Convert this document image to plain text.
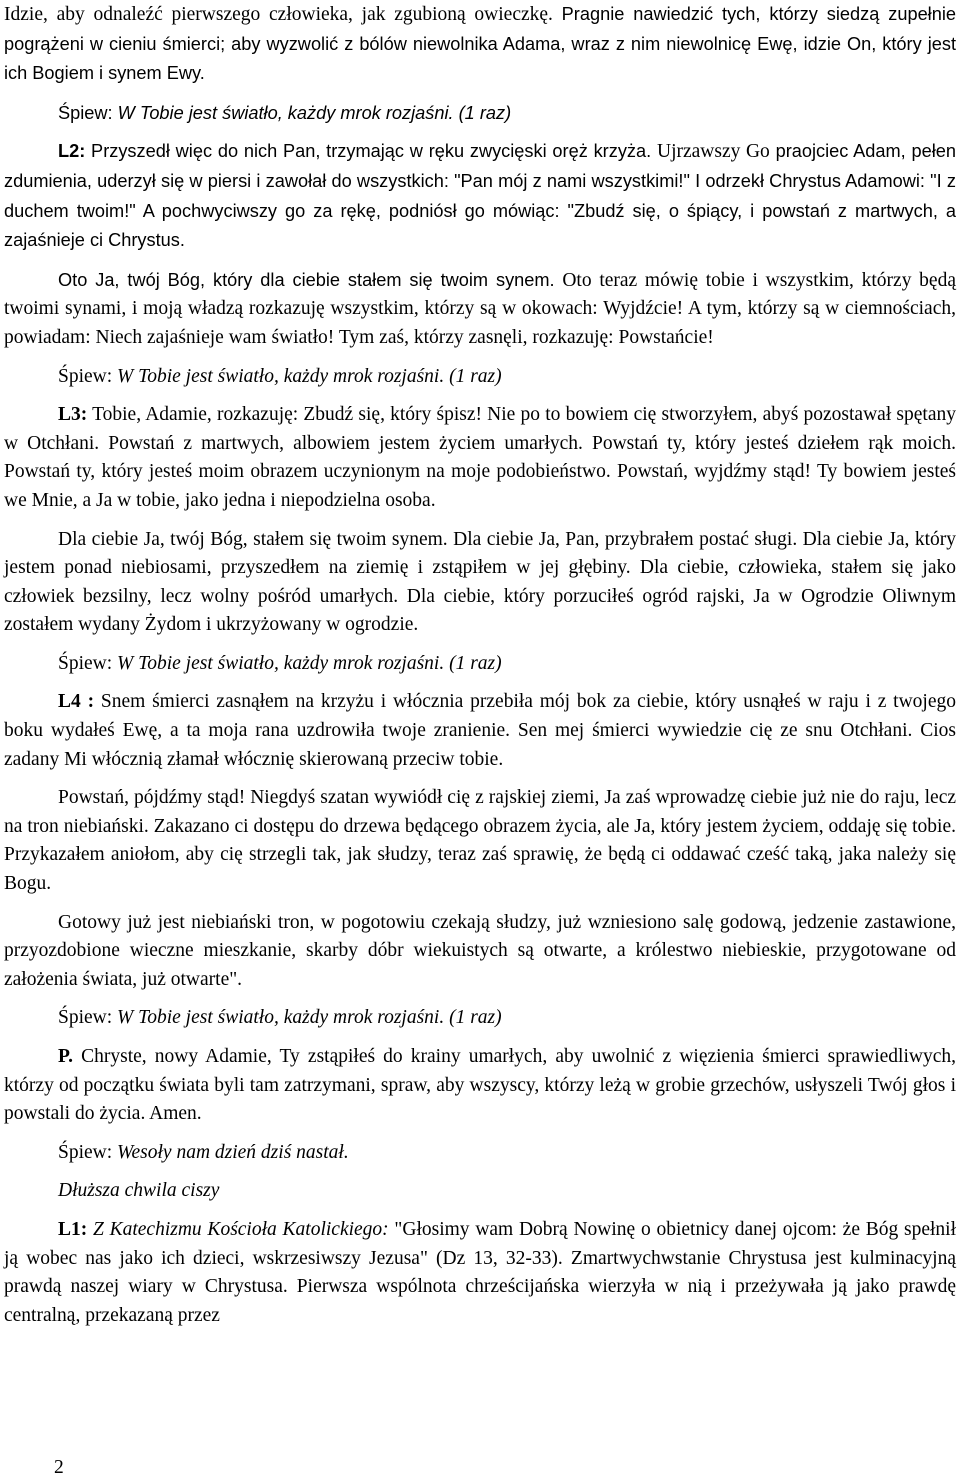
Idzie, aby odnaleźć pierwszego człowieka, jak zgubioną owieczkę. Pragnie nawiedzić tych, którzy siedzą zupełnie pogrążeni w cieniu śmierci; aby wyzwolić z bólów niewolnika Adama, wraz z nim niewolnicę Ewę, idzie On, który jest ich Bogiem i synem Ewy.

Śpiew: W Tobie jest światło, każdy mrok rozjaśni. (1 raz)

L2: Przyszedł więc do nich Pan, trzymając w ręku zwycięski oręż krzyża. Ujrzawszy Go praojciec Adam, pełen zdumienia, uderzył się w piersi i zawołał do wszystkich: "Pan mój z nami wszystkimi!" I odrzekł Chrystus Adamowi: "I z duchem twoim!" A pochwyciwszy go za rękę, podniósł go mówiąc: "Zbudź się, o śpiący, i powstań z martwych, a zajaśnieje ci Chrystus.

Oto Ja, twój Bóg, który dla ciebie stałem się twoim synem. Oto teraz mówię tobie i wszystkim, którzy będą twoimi synami, i moją władzą rozkazuję wszystkim, którzy są w okowach: Wyjdźcie! A tym, którzy są w ciemnościach, powiadam: Niech zajaśnieje wam światło! Tym zaś, którzy zasnęli, rozkazuję: Powstańcie!

Śpiew: W Tobie jest światło, każdy mrok rozjaśni. (1 raz)

L3: Tobie, Adamie, rozkazuję: Zbudź się, który śpisz! Nie po to bowiem cię stworzyłem, abyś pozostawał spętany w Otchłani. Powstań z martwych, albowiem jestem życiem umarłych. Powstań ty, który jesteś dziełem rąk moich. Powstań ty, który jesteś moim obrazem uczynionym na moje podobieństwo. Powstań, wyjdźmy stąd! Ty bowiem jesteś we Mnie, a Ja w tobie, jako jedna i niepodzielna osoba.

Dla ciebie Ja, twój Bóg, stałem się twoim synem. Dla ciebie Ja, Pan, przybrałem postać sługi. Dla ciebie Ja, który jestem ponad niebiosami, przyszedłem na ziemię i zstąpiłem w jej głębiny. Dla ciebie, człowieka, stałem się jako człowiek bezsilny, lecz wolny pośród umarłych. Dla ciebie, który porzuciłeś ogród rajski, Ja w Ogrodzie Oliwnym zostałem wydany Żydom i ukrzyżowany w ogrodzie.

Śpiew: W Tobie jest światło, każdy mrok rozjaśni. (1 raz)

L4 : Snem śmierci zasnąłem na krzyżu i włócznia przebiła mój bok za ciebie, który usnąłeś w raju i z twojego boku wydałeś Ewę, a ta moja rana uzdrowiła twoje zranienie. Sen mej śmierci wywiedzie cię ze snu Otchłani. Cios zadany Mi włócznią złamał włócznię skierowaną przeciw tobie.

Powstań, pójdźmy stąd! Niegdyś szatan wywiódł cię z rajskiej ziemi, Ja zaś wprowadzę ciebie już nie do raju, lecz na tron niebiański. Zakazano ci dostępu do drzewa będącego obrazem życia, ale Ja, który jestem życiem, oddaję się tobie. Przykazałem aniołom, aby cię strzegli tak, jak słudzy, teraz zaś sprawię, że będą ci oddawać cześć taką, jaka należy się Bogu.

Gotowy już jest niebiański tron, w pogotowiu czekają słudzy, już wzniesiono salę godową, jedzenie zastawione, przyozdobione wieczne mieszkanie, skarby dóbr wiekuistych są otwarte, a królestwo niebieskie, przygotowane od założenia świata, już otwarte".

Śpiew: W Tobie jest światło, każdy mrok rozjaśni. (1 raz)

P. Chryste, nowy Adamie, Ty zstąpiłeś do krainy umarłych, aby uwolnić z więzienia śmierci sprawiedliwych, którzy od początku świata byli tam zatrzymani, spraw, aby wszyscy, którzy leżą w grobie grzechów, usłyszeli Twój głos i powstali do życia. Amen.

Śpiew: Wesoły nam dzień dziś nastał.

Dłuższa chwila ciszy

L1: Z Katechizmu Kościoła Katolickiego: "Głosimy wam Dobrą Nowinę o obietnicy danej ojcom: że Bóg spełnił ją wobec nas jako ich dzieci, wskrzesiwszy Jezusa" (Dz 13, 32-33). Zmartwychwstanie Chrystusa jest kulminacyjną prawdą naszej wiary w Chrystusa. Pierwsza wspólnota chrześcijańska wierzyła w nią i przeżywała ją jako prawdę centralną, przekazaną przez

2
